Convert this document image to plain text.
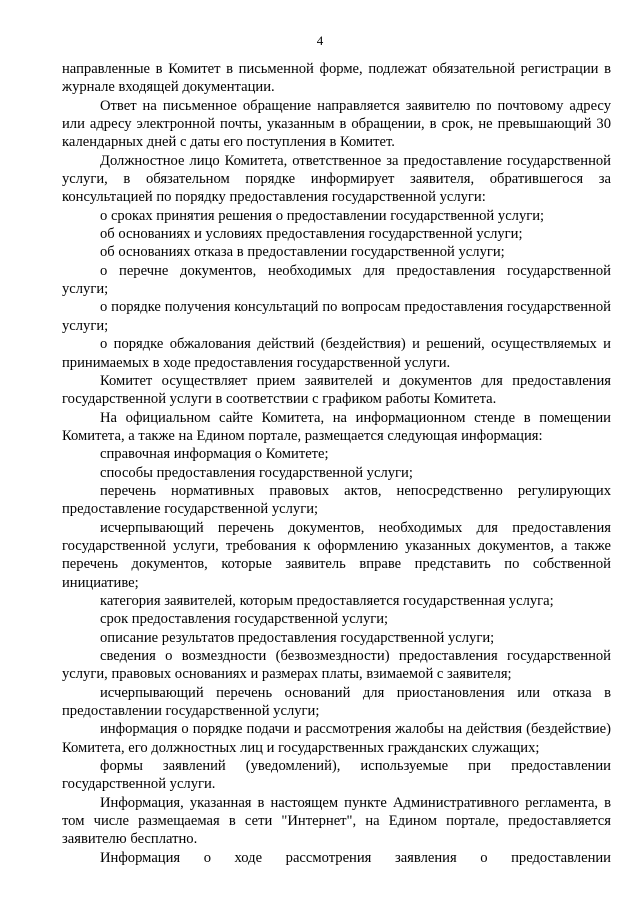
4

направленные в Комитет в письменной форме, подлежат обязательной регистрации в журнале входящей документации.

Ответ на письменное обращение направляется заявителю по почтовому адресу или адресу электронной почты, указанным в обращении, в срок, не превышающий 30 календарных дней с даты его поступления в Комитет.

Должностное лицо Комитета, ответственное за предоставление государственной услуги, в обязательном порядке информирует заявителя, обратившегося за консультацией по порядку предоставления государственной услуги:

о сроках принятия решения о предоставлении государственной услуги;

об основаниях и условиях предоставления государственной услуги;

об основаниях отказа в предоставлении государственной услуги;

о перечне документов, необходимых для предоставления государственной услуги;

о порядке получения консультаций по вопросам предоставления государственной услуги;

о порядке обжалования действий (бездействия) и решений, осуществляемых и принимаемых в ходе предоставления государственной услуги.

Комитет осуществляет прием заявителей и документов для предоставления государственной услуги в соответствии с графиком работы Комитета.

На официальном сайте Комитета, на информационном стенде в помещении Комитета, а также на Едином портале, размещается следующая информация:

справочная информация о Комитете;

способы предоставления государственной услуги;

перечень нормативных правовых актов, непосредственно регулирующих предоставление государственной услуги;

исчерпывающий перечень документов, необходимых для предоставления государственной услуги, требования к оформлению указанных документов, а также перечень документов, которые заявитель вправе представить по собственной инициативе;

категория заявителей, которым предоставляется государственная услуга;

срок предоставления государственной услуги;

описание результатов предоставления государственной услуги;

сведения о возмездности (безвозмездности) предоставления государственной услуги, правовых основаниях и размерах платы, взимаемой с заявителя;

исчерпывающий перечень оснований для приостановления или отказа в предоставлении государственной услуги;

информация о порядке подачи и рассмотрения жалобы на действия (бездействие) Комитета, его должностных лиц и государственных гражданских служащих;

формы заявлений (уведомлений), используемые при предоставлении государственной услуги.

Информация, указанная в настоящем пункте Административного регламента, в том числе размещаемая в сети "Интернет", на Едином портале, предоставляется заявителю бесплатно.

Информация о ходе рассмотрения заявления о предоставлении
